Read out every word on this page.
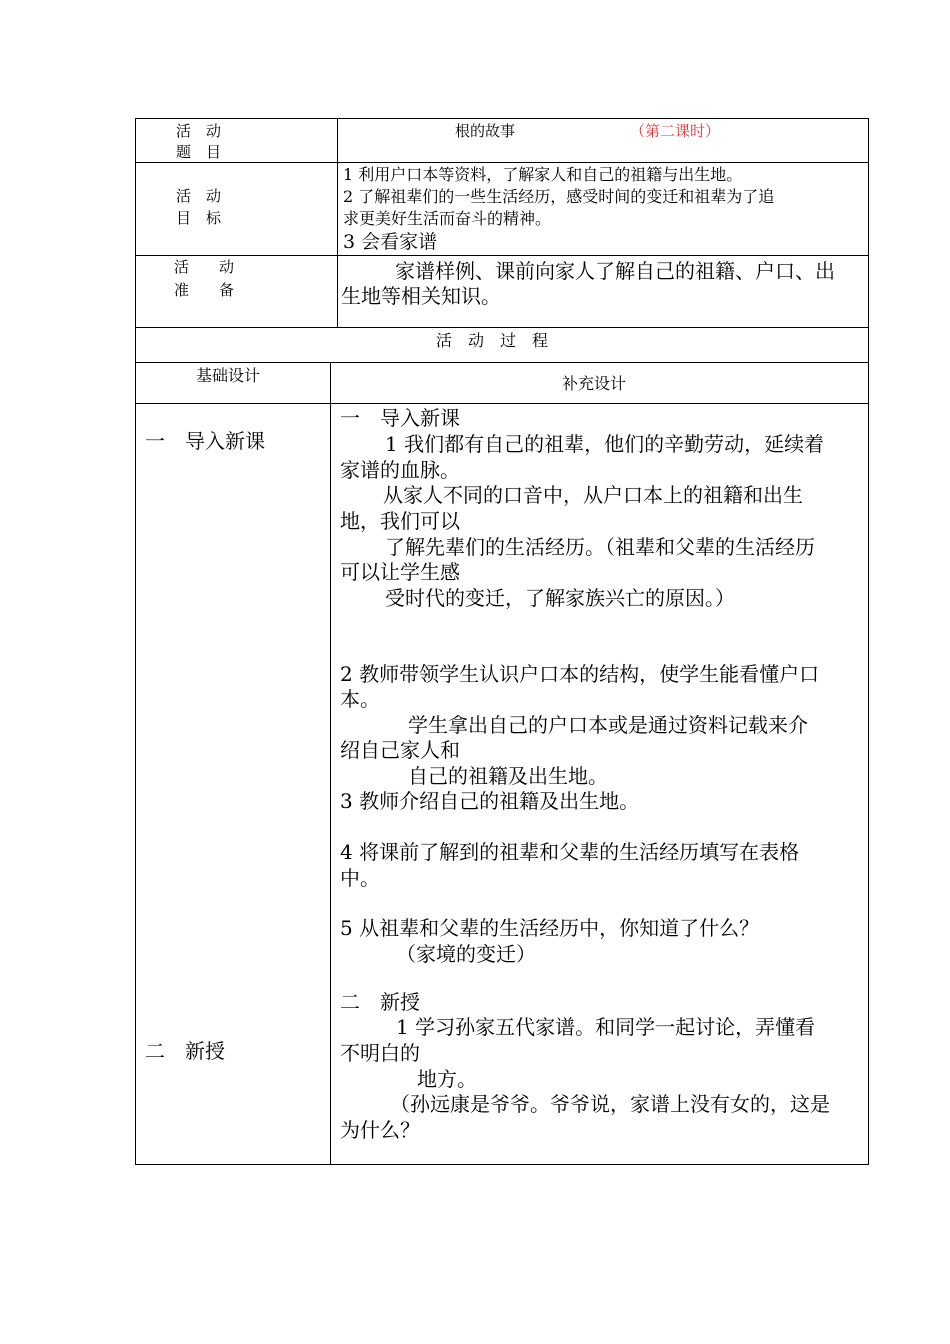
活　动
题　目
根的故事	（第二课时）
活　动
目　标
1 利用户口本等资料，了解家人和自己的祖籍与出生地。
2 了解祖辈们的一些生活经历，感受时间的变迁和祖辈为了追
求更美好生活而奋斗的精神。
3 会看家谱
活　　动
准　　备
家谱样例、课前向家人了解自己的祖籍、户口、出
生地等相关知识。
活　动　过　程
基础设计	补充设计
一　导入新课
二　新授
一　导入新课
1 我们都有自己的祖辈，他们的辛勤劳动，延续着
家谱的血脉。
从家人不同的口音中，从户口本上的祖籍和出生
地，我们可以
了解先辈们的生活经历。（祖辈和父辈的生活经历
可以让学生感
受时代的变迁，了解家族兴亡的原因。）
2 教师带领学生认识户口本的结构，使学生能看懂户口
本。
学生拿出自己的户口本或是通过资料记载来介
绍自己家人和
自己的祖籍及出生地。
3 教师介绍自己的祖籍及出生地。
4 将课前了解到的祖辈和父辈的生活经历填写在表格
中。
5 从祖辈和父辈的生活经历中，你知道了什么？
（家境的变迁）
二　新授
1 学习孙家五代家谱。和同学一起讨论，弄懂看
不明白的
地方。
（孙远康是爷爷。爷爷说，家谱上没有女的，这是
为什么？
